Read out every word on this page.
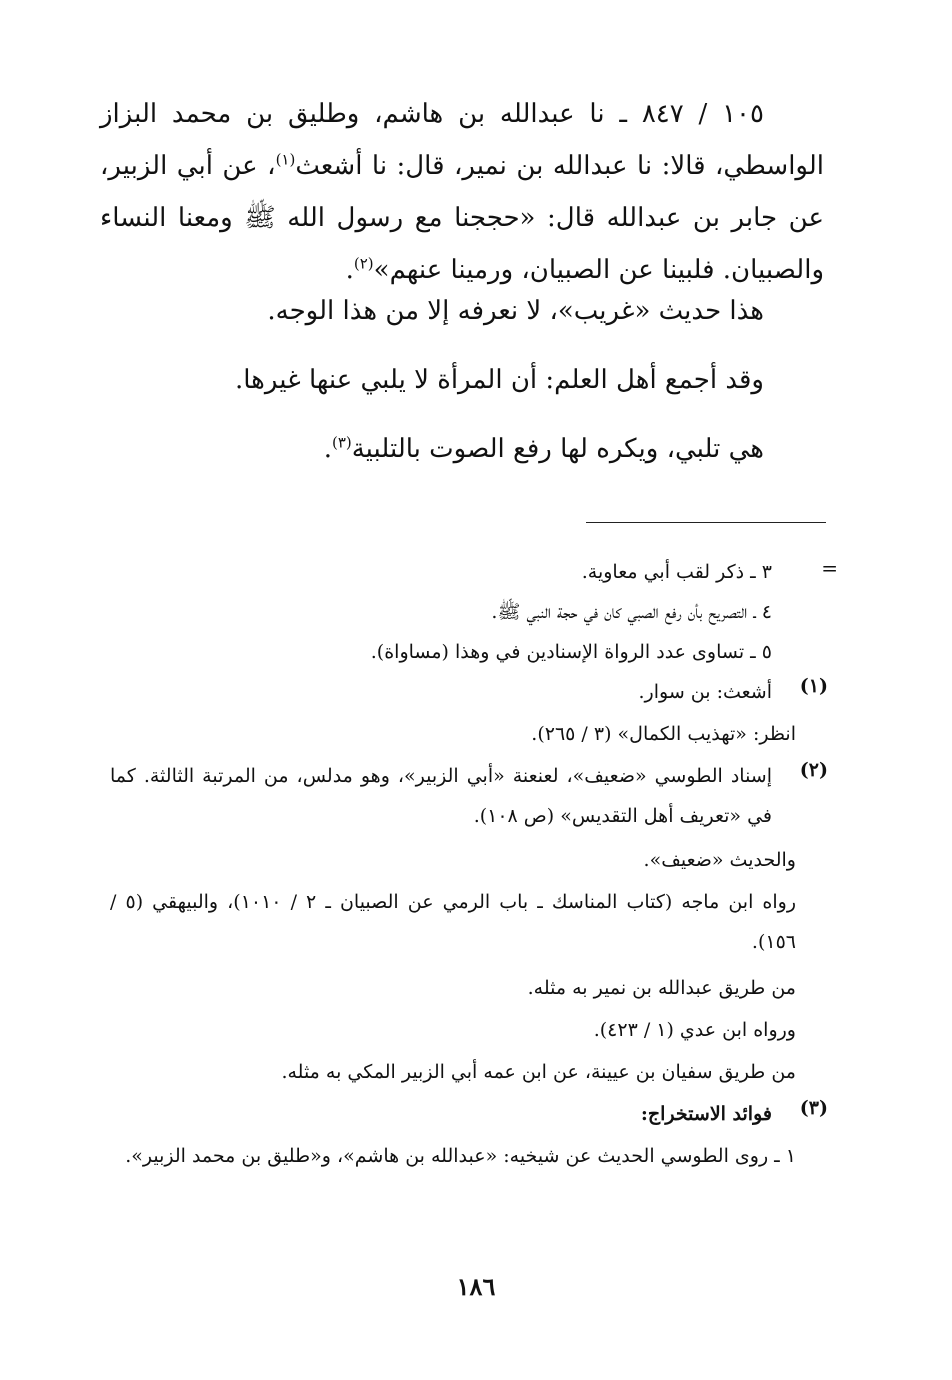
١٠٥ / ٨٤٧ ـ نا عبدالله بن هاشم، وطليق بن محمد البزاز الواسطي، قالا: نا عبدالله بن نمير، قال: نا أشعث$^{(١)}$، عن أبي الزبير، عن جابر بن عبدالله قال: «حججنا مع رسول الله ﷺ ومعنا النساء والصبيان. فلبينا عن الصبيان، ورمينا عنهم»$^{(٢)}$.

هذا حديث «غريب»، لا نعرفه إلا من هذا الوجه.
وقد أجمع أهل العلم: أن المرأة لا يلبي عنها غيرها.
هي تلبي، ويكره لها رفع الصوت بالتلبية$^{(٣)}$.
=
٣ ـ ذكر لقب أبي معاوية.
٤ ـ التصريح بأن رفع الصبي كان في حجة النبي ﷺ.
٥ ـ تساوى عدد الرواة الإسنادين في وهذا (مساواة).
(١)
أشعث: بن سوار.
انظر: «تهذيب الكمال» (٣ / ٢٦٥).
(٢)

إسناد الطوسي «ضعيف»، لعنعنة «أبي الزبير»، وهو مدلس، من المرتبة الثالثة. كما في «تعريف أهل التقديس» (ص ١٠٨).

والحديث «ضعيف».

رواه ابن ماجه (كتاب المناسك ـ باب الرمي عن الصبيان ـ ٢ / ١٠١٠)، والبيهقي (٥ / ١٥٦).

من طريق عبدالله بن نمير به مثله.
ورواه ابن عدي (١ / ٤٢٣).
من طريق سفيان بن عيينة، عن ابن عمه أبي الزبير المكي به مثله.
(٣)
فوائد الاستخراج:

١ ـ روى الطوسي الحديث عن شيخيه: «عبدالله بن هاشم»، و«طليق بن محمد الزبير».

١٨٦
